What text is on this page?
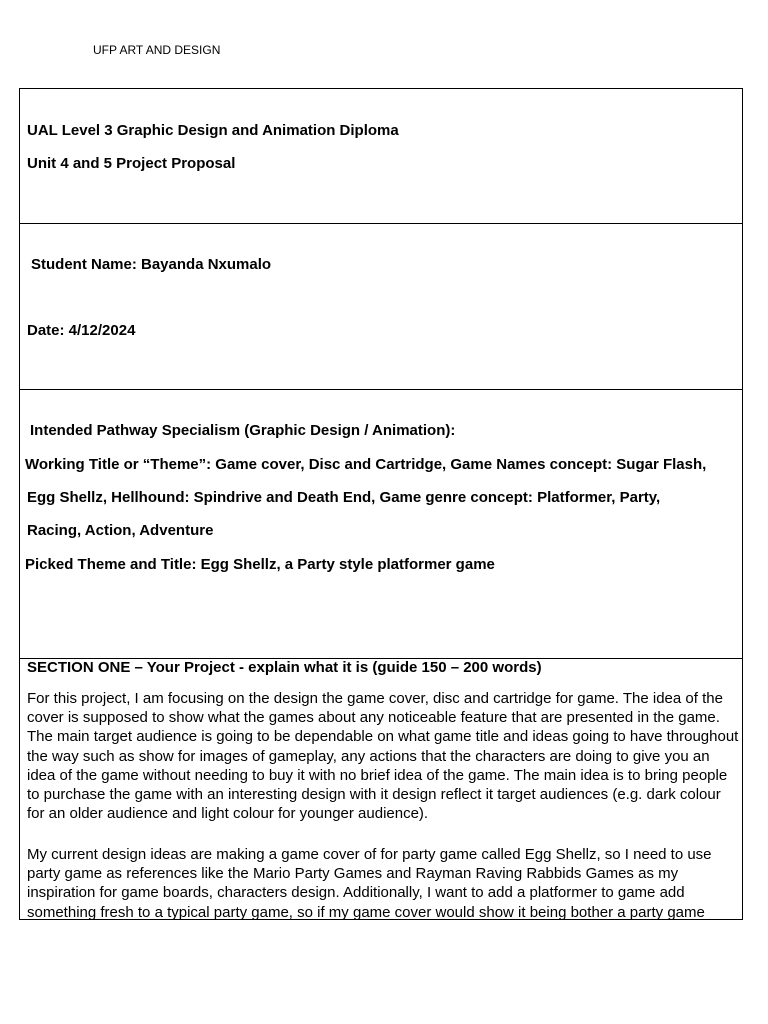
UFP ART AND DESIGN
UAL Level 3 Graphic Design and Animation Diploma
Unit 4 and 5 Project Proposal
Student Name: Bayanda Nxumalo
Date: 4/12/2024
Intended Pathway Specialism (Graphic Design / Animation):
Working Title or “Theme”: Game cover, Disc and Cartridge, Game Names concept: Sugar Flash,
Egg Shellz, Hellhound: Spindrive and Death End, Game genre concept: Platformer, Party,
Racing, Action, Adventure
Picked Theme and Title: Egg Shellz, a Party style platformer game
SECTION ONE – Your Project - explain what it is (guide 150 – 200 words)

For this project, I am focusing on the design the game cover, disc and cartridge for game. The idea of the cover is supposed to show what the games about any noticeable feature that are presented in the game. The main target audience is going to be dependable on what game title and ideas going to have throughout the way such as show for images of gameplay, any actions that the characters are doing to give you an idea of the game without needing to buy it with no brief idea of the game. The main idea is to bring people to purchase the game with an interesting design with it design reflect it target audiences (e.g. dark colour for an older audience and light colour for younger audience).

My current design ideas are making a game cover of for party game called Egg Shellz, so I need to use party game as references like the Mario Party Games and Rayman Raving Rabbids Games as my inspiration for game boards, characters design. Additionally, I want to add a platformer to game add something fresh to a typical party game, so if my game cover would show it being bother a party game
